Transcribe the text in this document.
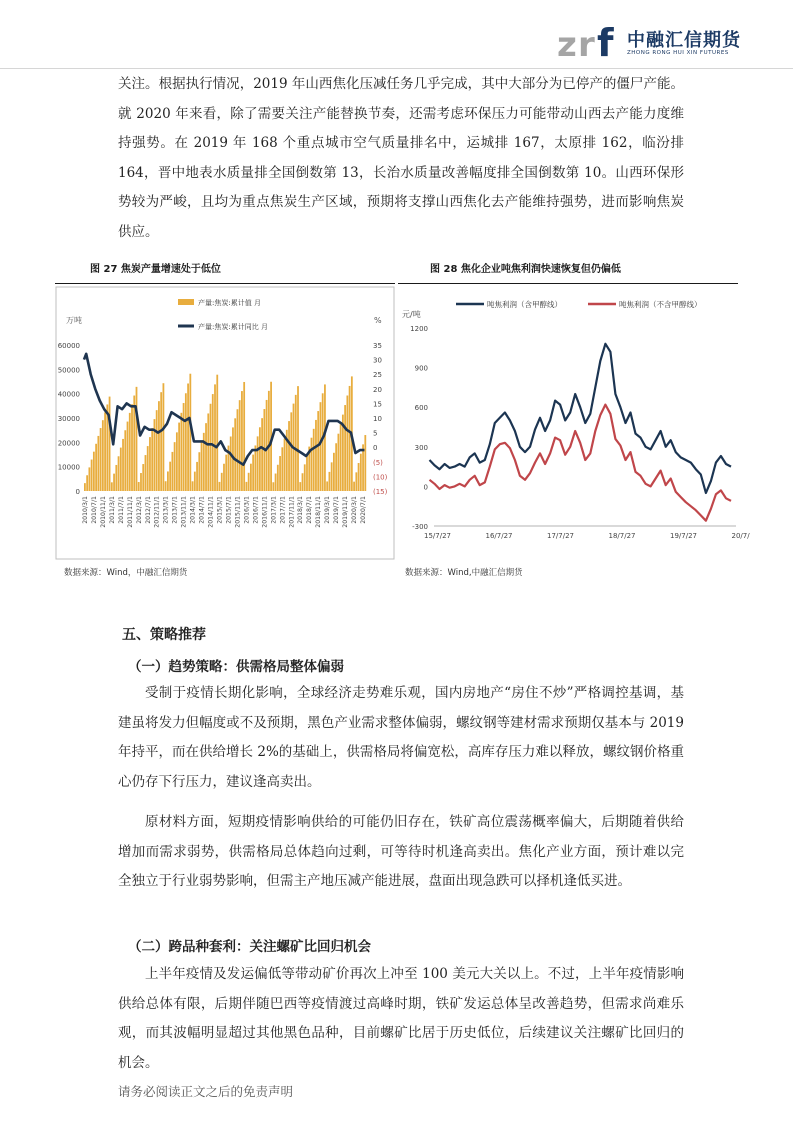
z r f 中融汇信期货
ZHONG RONG HUI XIN FUTURES

关注。根据执行情况，2019 年山西焦化压减任务几乎完成，其中大部分为已停产的僵尸产能。就 2020 年来看，除了需要关注产能替换节奏，还需考虑环保压力可能带动山西去产能力度维持强势。在 2019 年 168 个重点城市空气质量排名中，运城排 167，太原排 162，临汾排 164，晋中地表水质量排全国倒数第 13，长治水质量改善幅度排全国倒数第 10。山西环保形势较为严峻，且均为重点焦炭生产区域，预期将支撑山西焦化去产能维持强势，进而影响焦炭供应。

图 27 焦炭产量增速处于低位	图 28 焦化企业吨焦利润快速恢复但仍偏低
产量:焦炭:累计值 月
产量:焦炭:累计同比 月
万吨	%
60000
50000
40000
30000
20000
10000
0
35
30
25
20
15
10
5
0
(5)
(10)
(15)
2010/3/1 2010/7/1 2010/11/1 2011/3/1 2011/7/1 2011/11/1 2012/3/1 2012/7/1 2012/11/1 2013/3/1 2013/7/1 2013/11/1 2014/3/1 2014/7/1 2014/11/1 2015/3/1 2015/7/1 2015/11/1 2016/3/1 2016/7/1 2016/11/1 2017/3/1 2017/7/1 2017/11/1 2018/3/1 2018/7/1 2018/11/1 2019/3/1 2019/7/1 2019/11/1 2020/3/1 2020/7/1
吨焦利润（含甲醇线）	吨焦利润（不含甲醇线）
元/吨
1200
900
600
300
0
-300
15/7/27	16/7/27	17/7/27	18/7/27	19/7/27	20/7/
数据来源：Wind，中融汇信期货	数据来源：Wind,中融汇信期货
五、策略推荐
（一）趋势策略：供需格局整体偏弱

受制于疫情长期化影响，全球经济走势难乐观，国内房地产“房住不炒”严格调控基调，基建虽将发力但幅度或不及预期，黑色产业需求整体偏弱，螺纹钢等建材需求预期仅基本与 2019 年持平，而在供给增长 2%的基础上，供需格局将偏宽松，高库存压力难以释放，螺纹钢价格重心仍存下行压力，建议逢高卖出。

原材料方面，短期疫情影响供给的可能仍旧存在，铁矿高位震荡概率偏大，后期随着供给增加而需求弱势，供需格局总体趋向过剩，可等待时机逢高卖出。焦化产业方面，预计难以完全独立于行业弱势影响，但需主产地压减产能进展，盘面出现急跌可以择机逢低买进。

（二）跨品种套利：关注螺矿比回归机会

上半年疫情及发运偏低等带动矿价再次上冲至 100 美元大关以上。不过，上半年疫情影响供给总体有限，后期伴随巴西等疫情渡过高峰时期，铁矿发运总体呈改善趋势，但需求尚难乐观，而其波幅明显超过其他黑色品种，目前螺矿比居于历史低位，后续建议关注螺矿比回归的机会。

请务必阅读正文之后的免责声明
